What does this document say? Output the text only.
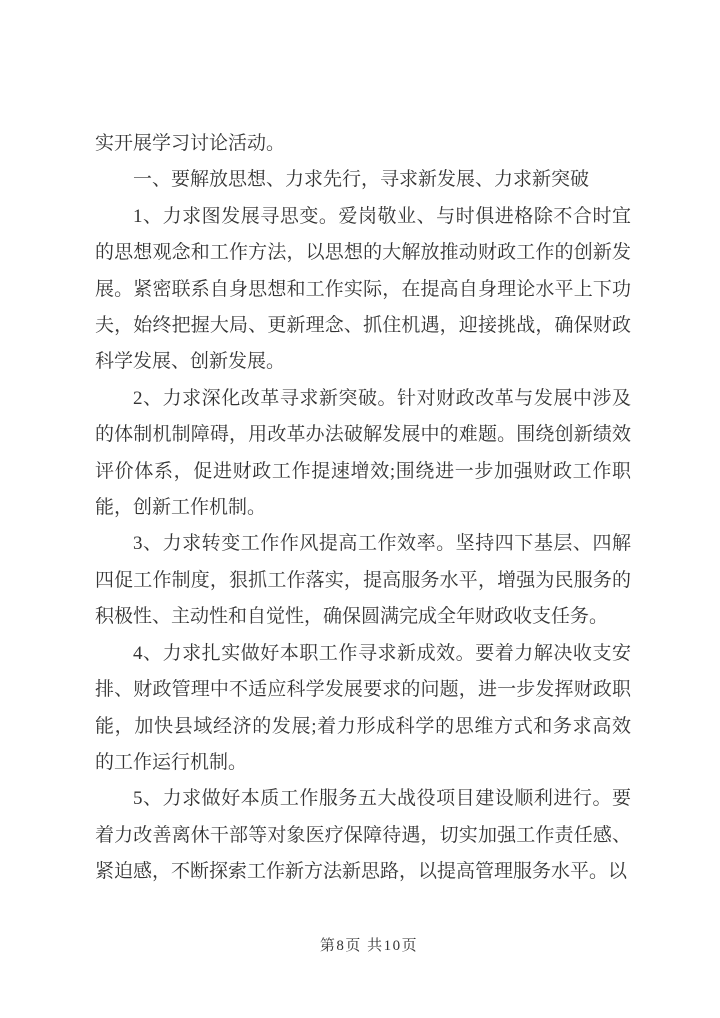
实开展学习讨论活动。

一、要解放思想、力求先行，寻求新发展、力求新突破

1、力求图发展寻思变。爱岗敬业、与时俱进格除不合时宜的思想观念和工作方法，以思想的大解放推动财政工作的创新发展。紧密联系自身思想和工作实际，在提高自身理论水平上下功夫，始终把握大局、更新理念、抓住机遇，迎接挑战，确保财政科学发展、创新发展。

2、力求深化改革寻求新突破。针对财政改革与发展中涉及的体制机制障碍，用改革办法破解发展中的难题。围绕创新绩效评价体系，促进财政工作提速增效;围绕进一步加强财政工作职能，创新工作机制。

3、力求转变工作作风提高工作效率。坚持四下基层、四解四促工作制度，狠抓工作落实，提高服务水平，增强为民服务的积极性、主动性和自觉性，确保圆满完成全年财政收支任务。

4、力求扎实做好本职工作寻求新成效。要着力解决收支安排、财政管理中不适应科学发展要求的问题，进一步发挥财政职能，加快县域经济的发展;着力形成科学的思维方式和务求高效的工作运行机制。

5、力求做好本质工作服务五大战役项目建设顺利进行。要着力改善离休干部等对象医疗保障待遇，切实加强工作责任感、紧迫感，不断探索工作新方法新思路，以提高管理服务水平。以

第8页 共10页
